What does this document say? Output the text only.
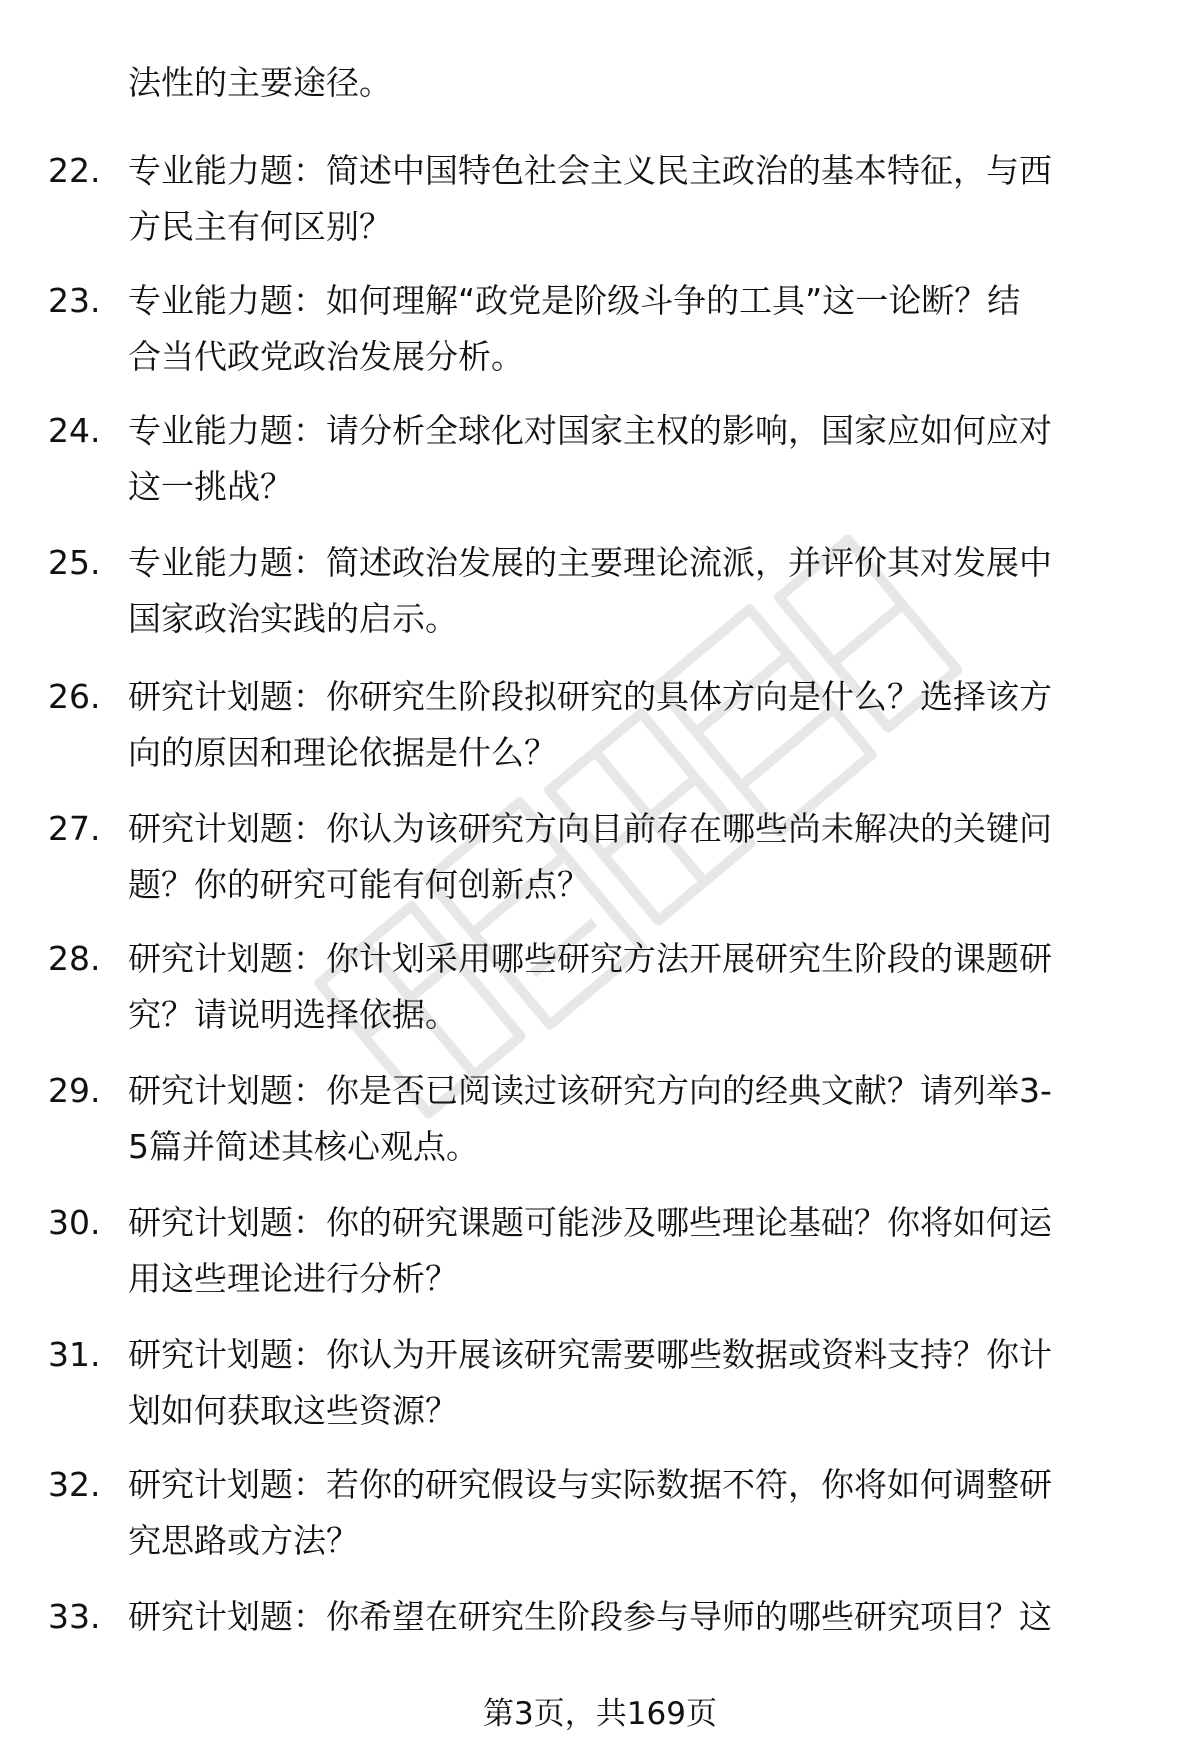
法性的主要途径。
22. 专业能力题：简述中国特色社会主义民主政治的基本特征，与西
方民主有何区别？
23. 专业能力题：如何理解“政党是阶级斗争的工具”这一论断？结
合当代政党政治发展分析。
24. 专业能力题：请分析全球化对国家主权的影响，国家应如何应对
这一挑战？
25. 专业能力题：简述政治发展的主要理论流派，并评价其对发展中
国家政治实践的启示。
26. 研究计划题：你研究生阶段拟研究的具体方向是什么？选择该方
向的原因和理论依据是什么？
27. 研究计划题：你认为该研究方向目前存在哪些尚未解决的关键问
题？你的研究可能有何创新点？
28. 研究计划题：你计划采用哪些研究方法开展研究生阶段的课题研
究？请说明选择依据。
29. 研究计划题：你是否已阅读过该研究方向的经典文献？请列举3-
5篇并简述其核心观点。
30. 研究计划题：你的研究课题可能涉及哪些理论基础？你将如何运
用这些理论进行分析？
31. 研究计划题：你认为开展该研究需要哪些数据或资料支持？你计
划如何获取这些资源？
32. 研究计划题：若你的研究假设与实际数据不符，你将如何调整研
究思路或方法？
33. 研究计划题：你希望在研究生阶段参与导师的哪些研究项目？这
第3页，共169页
